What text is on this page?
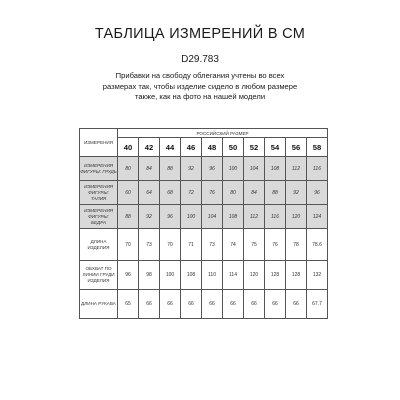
ТАБЛИЦА ИЗМЕРЕНИЙ В СМ
D29.783
Прибавки на свободу облегания учтены во всех размерах так, чтобы изделие сидело в любом размере также, как на фото на нашей модели
ИЗМЕРЕНИЯ	РОССИЙСКИЙ РАЗМЕР									
	40	42	44	46	48	50	52	54	56	58
ИЗМЕРЕНИЯ ФИГУРЫ: ГРУДЬ	80	84	88	92	96	100	104	108	112	116
ИЗМЕРЕНИЯ ФИГУРЫ: ТАЛИЯ	60	64	68	72	76	80	84	88	92	96
ИЗМЕРЕНИЯ ФИГУРЫ: БЕДРА	88	92	96	100	104	108	112	116	120	124
ДЛИНА ИЗДЕЛИЯ	70	73	70	71	73	74	75	76	78	78.6
ОБХВАТ ПО ЛИНИИ ГРУДИ ИЗДЕЛИЯ	96	98	100	108	110	114	120	128	128	132
ДЛИНА РУКАВА	65	66	66	66	66	66	66	66	66	67.7
